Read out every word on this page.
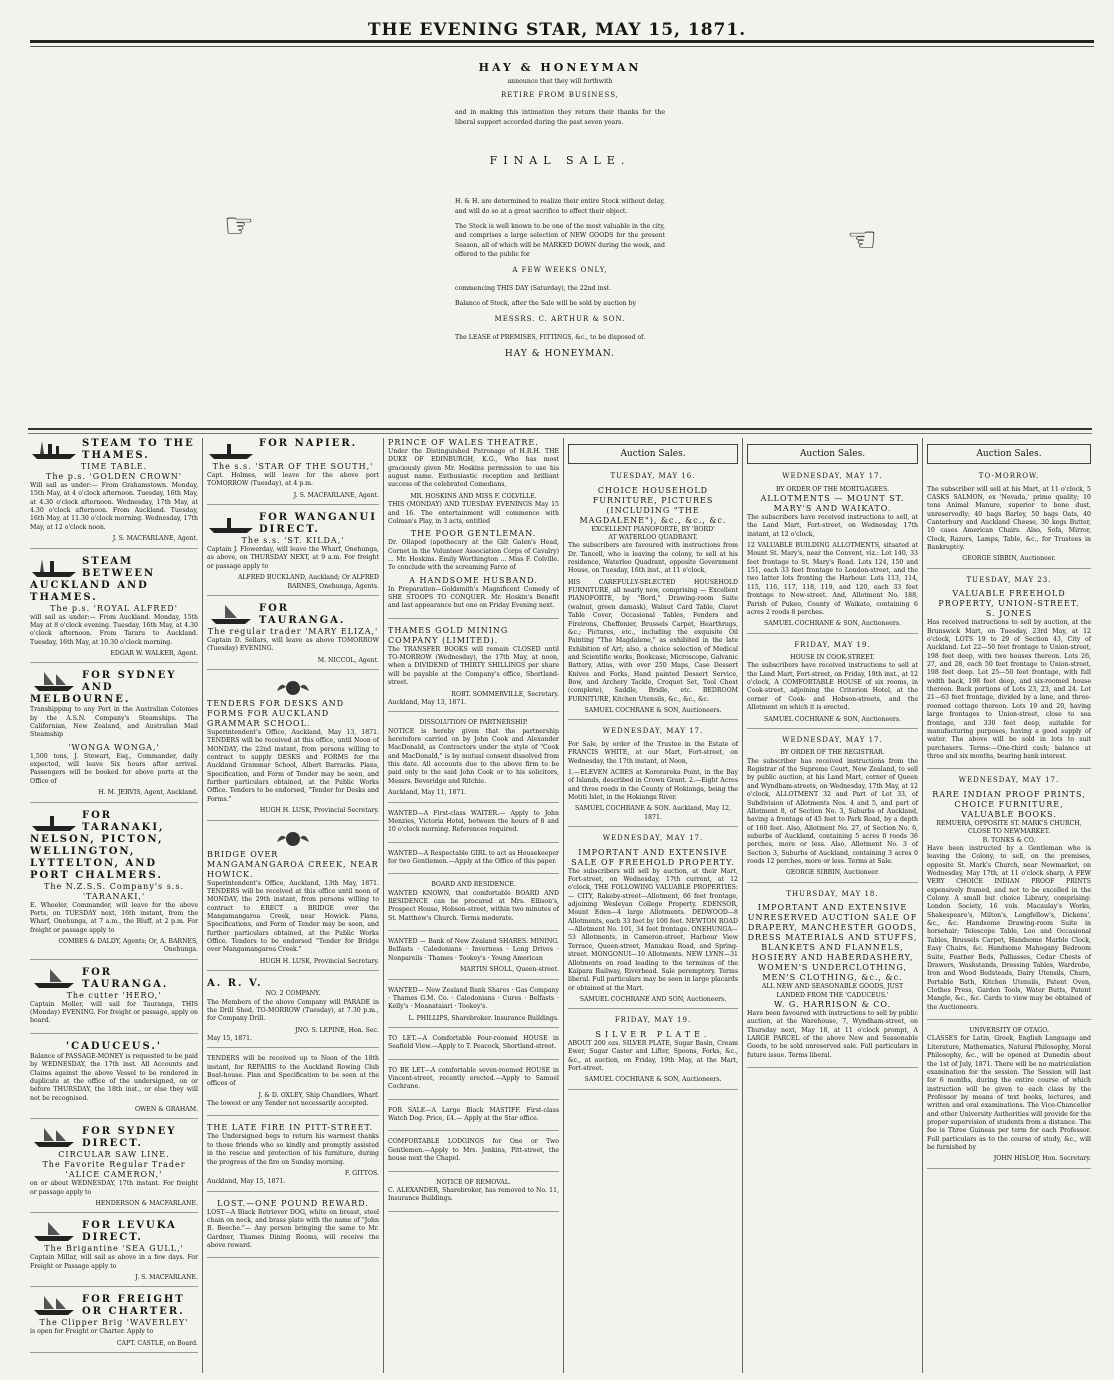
THE EVENING STAR, MAY 15, 1871.
HAY & HONEYMAN
announce that they will forthwith
RETIRE FROM BUSINESS,

and in making this intimation they return their thanks for the liberal support accorded during the past seven years.

FINAL SALE.

H. & H. are determined to realize their entire Stock without delay, and will do so at a great sacrifice to effect their object.

The Stock is well known to be one of the most valuable in the city, and comprises a large selection of NEW GOODS for the present Season, all of which will be MARKED DOWN during the week, and offered to the public for

A FEW WEEKS ONLY,

commencing THIS DAY (Saturday), the 22nd inst.

Balance of Stock, after the Sale will be sold by auction by

MESSRS. C. ARTHUR & SON.

The LEASE of PREMISES, FITTINGS, &c., to be disposed of.

HAY & HONEYMAN.
☞	☜
STEAM TO THE THAMES.
TIME TABLE.
The p.s. 'GOLDEN CROWN'

Will sail as under:— From Grahamstown. Monday, 15th May, at 4 o'clock afternoon. Tuesday, 16th May, at 4.30 o'clock afternoon. Wednesday, 17th May, at 4.30 o'clock afternoon. From Auckland. Tuesday, 16th May, at 11.30 o'clock morning. Wednesday, 17th May, at 12 o'clock noon.

J. S. MACFARLANE, Agent.
STEAM BETWEEN AUCKLAND AND THAMES.
The p.s. 'ROYAL ALFRED'

will sail as under:— From Auckland. Monday, 15th May at 8 o'clock evening. Tuesday, 16th May, at 4.30 o'clock afternoon. From Tararu to Auckland. Tuesday, 16th May, at 10.30 o'clock morning.

EDGAR W. WALKER, Agent.
FOR SYDNEY AND MELBOURNE.

Transhipping to any Port in the Australian Colonies by the A.S.N. Company's Steamships. The Californian, New Zealand, and Australian Mail Steamship

'WONGA WONGA,'

1,500 tons, J. Stewart, Esq., Commander, daily expected, will leave Six hours after arrival. Passengers will be booked for above ports at the Office of

H. M. JERVIS, Agent, Auckland.
FOR TARANAKI, NELSON, PICTON, WELLINGTON, LYTTELTON, AND PORT CHALMERS.
The N.Z.S.S. Company's s.s. 'TARANAKI,'

E. Wheeler, Commander, will leave for the above Ports, on TUESDAY next, 16th instant, from the Wharf, Onehunga, at 7 a.m., the Bluff, at 2 p.m. For freight or passage apply to

COMBES & DALDY, Agents; Or, A. BARNES, Onehunga.
FOR TAURANGA.
The cutter 'HERO,'

Captain Moller, will sail for Tauranga, THIS (Monday) EVENING. For freight or passage, apply on board.

'CADUCEUS.'

Balance of PASSAGE-MONEY is requested to be paid by WEDNESDAY, the 17th inst. All Accounts and Claims against the above Vessel to be rendered in duplicate at the office of the undersigned, on or before THURSDAY, the 18th inst., or else they will not be recognised.

OWEN & GRAHAM.
FOR SYDNEY DIRECT.
CIRCULAR SAW LINE.
The Favorite Regular Trader 'ALICE CAMERON,'

on or about WEDNESDAY, 17th instant. For freight or passage apply to

HENDERSON & MACFARLANE.
FOR LEVUKA DIRECT.
The Brigantine 'SEA GULL,'

Captain Millar, will sail as above in a few days. For Freight or Passage apply to

J. S. MACFARLANE.
FOR FREIGHT OR CHARTER.
The Clipper Brig 'WAVERLEY'

is open for Freight or Charter. Apply to

CAPT. CASTLE, on Board.
FOR NAPIER.
The s.s. 'STAR OF THE SOUTH,'

Capt. Holmes, will leave for the above port TOMORROW (Tuesday), at 4 p.m.

J. S. MACFARLANE, Agent.
FOR WANGANUI DIRECT.
The s.s. 'ST. KILDA,'

Captain J. Flowerday, will leave the Wharf, Onehunga, as above, on THURSDAY NEXT, at 9 a.m. For freight or passage apply to

ALFRED BUCKLAND, Auckland; Or ALFRED BARNES, Onehunga, Agents.
FOR TAURANGA.
The regular trader 'MARY ELIZA,'

Captain D. Sellars, will leave as above TOMORROW (Tuesday) EVENING.

M. NICCOL, Agent.
TENDERS FOR DESKS AND FORMS FOR AUCKLAND GRAMMAR SCHOOL.

Superintendent's Office, Auckland, May 13, 1871. TENDERS will be received at this office, until Noon of MONDAY, the 22nd instant, from persons willing to contract to supply DESKS and FORMS for the Auckland Grammar School, Albert Barracks. Plans, Specification, and Form of Tender may be seen, and further particulars obtained, at the Public Works Office. Tenders to be endorsed, "Tender for Desks and Forms."

HUGH H. LUSK, Provincial Secretary.
BRIDGE OVER MANGAMANGAROA CREEK, NEAR HOWICK.

Superintendent's Office, Auckland, 13th May, 1871. TENDERS will be received at this office until noon of MONDAY, the 29th instant, from persons willing to contract to ERECT a BRIDGE over the Mangamangaroa Creek, near Howick. Plans, Specifications, and Form of Tender may be seen, and further particulars obtained, at the Public Works Office. Tenders to be endorsed "Tender for Bridge over Mangamangaroa Creek."

HUGH H. LUSK, Provincial Secretary.
A. R. V.
NO. 2 COMPANY.

The Members of the above Company will PARADE in the Drill Shed, TO-MORROW (Tuesday), at 7.30 p.m., for Company Drill.

JNO. S. LEPINE, Hon. Sec.
May 15, 1871.

TENDERS will be received up to Noon of the 18th instant, for REPAIRS to the Auckland Rowing Club Boat-house. Plan and Specification to be seen at the offices of

J. & D. OXLEY, Ship Chandlers, Wharf.

The lowest or any Tender not necessarily accepted.

THE LATE FIRE IN PITT-STREET.

The Undersigned begs to return his warmest thanks to those friends who so kindly and promptly assisted in the rescue and protection of his furniture, during the progress of the fire on Sunday morning.

F. GITTOS.
Auckland, May 15, 1871.
LOST.—ONE POUND REWARD.

LOST—A Black Retriever DOG, white on breast, steel chain on neck, and brass plate with the name of "John B. Beeche."— Any person bringing the same to Mr. Gardner, Thames Dining Rooms, will receive the above reward.

PRINCE OF WALES THEATRE.

Under the Distinguished Patronage of H.R.H. THE DUKE OF EDINBURGH, K.G., Who has most graciously given Mr. Hoskins permission to use his august name. Enthusiastic reception and brilliant success of the celebrated Comedians,

MR. HOSKINS AND MISS F. COLVILLE.

THIS (MONDAY) AND TUESDAY EVENINGS May 15 and 16. The entertainment will commence with Colman's Play, in 3 acts, entitled

THE POOR GENTLEMAN.

Dr. Ollapod (apothecary at the Gilt Galen's Head, Cornet in the Volunteer Association Corps of Cavalry) ... Mr. Hoskins. Emily Worthington ... Miss F. Colville. To conclude with the screaming Farce of

A HANDSOME HUSBAND.

In Preparation—Goldsmith's Magnificent Comedy of SHE STOOPS TO CONQUER. Mr. Hoskin's Benefit and last appearance but one on Friday Evening next.

THAMES GOLD MINING COMPANY (LIMITED).

The TRANSFER BOOKS will remain CLOSED until TO-MORROW (Wednesday), the 17th May, at noon, when a DIVIDEND of THIRTY SHILLINGS per share will be payable at the Company's office, Shortland-street.

ROBT. SOMMERVILLE, Secretary.
Auckland, May 13, 1871.
DISSOLUTION OF PARTNERSHIP.

NOTICE is hereby given that the partnership heretofore carried on by John Cook and Alexander MacDonald, as Contractors under the style of "Cook and MacDonald," is by mutual consent dissolved from this date. All accounts due to the above firm to be paid only to the said John Cook or to his solicitors, Messrs. Beveridge and Ritchie.

Auckland, May 11, 1871.

WANTED—A First-class WAITER.— Apply to John Menzies, Victoria Hotel, between the hours of 8 and 10 o'clock morning. References required.

WANTED—A Respectable GIRL to act as Housekeeper for two Gentlemen.—Apply at the Office of this paper.

BOARD AND RESIDENCE.

WANTED KNOWN, that comfortable BOARD AND RESIDENCE can be procured at Mrs. Ellison's, Prospect House, Hobson-street, within two minutes of St. Matthew's Church. Terms moderate.

WANTED — Bank of New Zealand SHARES. MINING. Belfasts · Caledonians · Inverness · Long Drives · Nonpareils · Thames · Tookey's · Young American

MARTIN SHOLL, Queen-street.

WANTED— New Zealand Bank Shares · Gas Company · Thames G.M. Co. · Caledonians · Cures · Belfasts · Kelly's · Moanataiari · Tookey's.

L. PHILLIPS, Sharebroker. Insurance Buildings.

TO LET.—A Comfortable Four-roomed HOUSE in Seafield View.—Apply to T. Peacock, Shortland-street.

TO BE LET—A comfortable seven-roomed HOUSE in Vincent-street, recently erected.—Apply to Samuel Cochrane.

FOR SALE—A Large Black MASTIFF. First-class Watch Dog. Price, £4.— Apply at the Star office.

COMFORTABLE LODGINGS for One or Two Gentlemen.—Apply to Mrs. Jenkins, Pitt-street, the house next the Chapel.

NOTICE OF REMOVAL.

C. ALEXANDER, Sharebroker, has removed to No. 11, Insurance Buildings.

Auction Sales.
TUESDAY, MAY 16.
CHOICE HOUSEHOLD FURNITURE, PICTURES (INCLUDING "THE MAGDALENE"), &c., &c., &c.
EXCELLENT PIANOFORTE, BY 'BORD'
AT WATERLOO QUADRANT.

The subscribers are favoured with instructions from Dr. Tancell, who is leaving the colony, to sell at his residence, Waterloo Quadrant, opposite Government House, on Tuesday, 16th inst., at 11 o'clock,

HIS CAREFULLY-SELECTED HOUSEHOLD FURNITURE, all nearly new, comprising — Excellent PIANOFORTE, by "Bord," Drawing-room Suite (walnut, green damask), Walnut Card Table, Claret Table Cover, Occasional Tables, Fenders and Fireirons, Cheffonier, Brussels Carpet, Hearthrugs, &c.; Pictures, etc., including the exquisite Oil Painting "The Magdalene," as exhibited in the late Exhibition of Art; also, a choice selection of Medical and Scientific works, Bookcase, Microscope, Galvanic Battery, Atlas, with over 250 Maps, Case Dessert Knives and Forks, Hand painted Dessert Service, Bow, and Archery Tackle, Croquet Set, Tool Chest (complete), Saddle, Bridle, etc. BEDROOM FURNITURE, Kitchen Utensils, &c., &c., &c.

SAMUEL COCHRANE & SON, Auctioneers.
WEDNESDAY, MAY 17.

For Sale, by order of the Trustee in the Estate of FRANCIS WHITE, at our Mart, Fort-street, on Wednesday, the 17th instant, at Noon,

1.—ELEVEN ACRES at Kororareka Point, in the Bay of Islands, described in Crown Grant. 2.—Eight Acres and three roods in the County of Hokianga, being the Motiti Islet, in the Hokianga River.

SAMUEL COCHRANE & SON. Auckland, May 12, 1871.
WEDNESDAY, MAY 17.
IMPORTANT AND EXTENSIVE SALE OF FREEHOLD PROPERTY.

The subscribers will sell by auction, at their Mart, Fort-street, on Wednesday, 17th current, at 12 o'clock, THE FOLLOWING VALUABLE PROPERTIES:— CITY, Rakeby-street—Allotment, 66 feet frontage, adjoining Wesleyan College Property. EDENSOR, Mount Eden—4 large Allotments. DEDWOOD—8 Allotments, each 33 feet by 100 feet. NEWTON ROAD—Allotment No. 101, 34 feet frontage. ONEHUNGA—53 Allotments, in Cameron-street, Harbour View Terrace, Queen-street, Manukau Road, and Spring-street. MONGONUI—10 Allotments. NEW LYNN—31 Allotments on road leading to the terminus of the Kaipara Railway, Riverhead. Sale peremptory. Terms liberal. Full particulars may be seen in large placards or obtained at the Mart.

SAMUEL COCHRANE AND SON, Auctioneers.
FRIDAY, MAY 19.
SILVER PLATE.

ABOUT 200 ozs. SILVER PLATE, Sugar Basin, Cream Ewer, Sugar Caster and Lifter, Spoons, Forks, &c., &c., at auction, on Friday, 19th May, at the Mart, Fort-street.

SAMUEL COCHRANE & SON, Auctioneers.
Auction Sales.
WEDNESDAY, MAY 17.
BY ORDER OF THE MORTGAGEES.
ALLOTMENTS — MOUNT ST. MARY'S AND WAIKATO.

The subscribers have received instructions to sell, at the Land Mart, Fort-street, on Wednesday, 17th instant, at 12 o'clock,

12 VALUABLE BUILDING ALLOTMENTS, situated at Mount St. Mary's, near the Convent, viz.: Lot 140, 33 feet frontage to St. Mary's Road. Lots 124, 150 and 151, each 33 feet frontage to London-street, and the two latter lots fronting the Harbour. Lots 113, 114, 115, 116, 117, 118, 119, and 120, each 33 feet frontage to New-street. And, Allotment No. 188, Parish of Pukeo, County of Waikato, containing 6 acres 2 roods 8 perches.

SAMUEL COCHRANE & SON, Auctioneers.
FRIDAY, MAY 19.
HOUSE IN COOK-STREET.

The subscribers have received instructions to sell at the Land Mart, Fort-street, on Friday, 19th inst., at 12 o'clock, A COMFORTABLE HOUSE of six rooms, in Cook-street, adjoining the Criterion Hotel, at the corner of Cook- and Hobson-streets, and the Allotment on which it is erected.

SAMUEL COCHRANE & SON, Auctioneers.
WEDNESDAY, MAY 17.
BY ORDER OF THE REGISTRAR.

The subscriber has received instructions from the Registrar of the Supreme Court, New Zealand, to sell by public auction, at his Land Mart, corner of Queen and Wyndham-streets, on Wednesday, 17th May, at 12 o'clock, ALLOTMENT 32 and Part of Lot 33, of Subdivision of Allotments Nos. 4 and 5, and part of Allotment 8, of Section No. 3, Suburbs of Auckland, having a frontage of 45 feet to Park Road, by a depth of 160 feet. Also, Allotment No. 27, of Section No. 6, suburbs of Auckland, containing 5 acres 0 roods 36 perches, more or less. Also, Allotment No. 3 of Section 3, Suburbs of Auckland, containing 3 acres 0 roods 12 perches, more or less. Terms at Sale.

GEORGE SIBBIN, Auctioneer.
THURSDAY, MAY 18.
IMPORTANT AND EXTENSIVE UNRESERVED AUCTION SALE OF DRAPERY, MANCHESTER GOODS, DRESS MATERIALS AND STUFFS, BLANKETS AND FLANNELS, HOSIERY AND HABERDASHERY, WOMEN'S UNDERCLOTHING, MEN'S CLOTHING, &c., &c.
ALL NEW AND SEASONABLE GOODS, JUST LANDED FROM THE 'CADUCEUS.'
W. G. HARRISON & CO.

Have been favoured with instructions to sell by public auction, at the Warehouse, 7, Wyndham-street, on Thursday next, May 18, at 11 o'clock prompt, A LARGE PARCEL of the above New and Seasonable Goods, to be sold unreserved sale. Full particulars in future issue. Terms liberal.

Auction Sales.
TO-MORROW.

The subscriber will sell at his Mart, at 11 o'clock, 5 CASKS SALMON, ex 'Nevada,' prime quality; 10 tons Animal Manure, superior to bone dust, unreservedly; 40 bags Barley, 50 bags Oats, 40 Canterbury and Auckland Cheese, 30 kegs Butter, 10 cases American Chairs. Also, Sofa, Mirror, Clock, Razors, Lamps, Table, &c., for Trustees in Bankruptcy.

GEORGE SIBBIN, Auctioneer.
TUESDAY, MAY 23.
VALUABLE FREEHOLD PROPERTY, UNION-STREET.
S. JONES

Has received instructions to sell by auction, at the Brunswick Mart, on Tuesday, 23rd May, at 12 o'clock, LOTS 19 to 29 of Section 43, City of Auckland. Lot 22—50 feet frontage to Union-street, 198 feet deep, with two houses thereon. Lots 26, 27, and 28, each 50 feet frontage to Union-street, 198 feet deep. Lot 25—50 feet frontage, with full width back, 198 feet deep, and six-roomed house thereon. Back portions of Lots 23, 23, and 24. Lot 21—63 feet frontage, divided by a lane, and three-roomed cottage thereon. Lots 19 and 20, having large frontages to Union-street, close to sea frontage, and 330 feet deep, suitable for manufacturing purposes, having a good supply of water. The above will be sold in lots to suit purchasers. Terms:—One-third cash; balance at three and six months, bearing bank interest.

WEDNESDAY, MAY 17.
RARE INDIAN PROOF PRINTS, CHOICE FURNITURE, VALUABLE BOOKS.
REMUERA, OPPOSITE ST. MARK'S CHURCH, CLOSE TO NEWMARKET.
B. TONKS & CO.

Have been instructed by a Gentleman who is leaving the Colony, to sell, on the premises, opposite St. Mark's Church, near Newmarket, on Wednesday, May 17th, at 11 o'clock sharp, A FEW VERY CHOICE INDIAN PROOF PRINTS expensively framed, and not to be excelled in the Colony. A small but choice Library, comprising: London Society, 16 vols. Macaulay's Works, Shakespeare's, Milton's, Longfellow's, Dickens', &c., &c. Handsome Drawing-room Suite in horsehair; Telescope Table, Loo and Occasional Tables, Brussels Carpet, Handsome Marble Clock, Easy Chairs, &c. Handsome Mahogany Bedroom Suite, Feather Beds, Palliasses, Cedar Chests of Drawers, Washstands, Dressing Tables, Wardrobe, Iron and Wood Bedsteads, Dairy Utensils, Churn, Portable Bath, Kitchen Utensils, Patent Oven, Clothes Press, Garden Tools, Water Butts, Patent Mangle, &c., &c. Cards to view may be obtained of the Auctioneers.

UNIVERSITY OF OTAGO.

CLASSES for Latin, Greek, English Language and Literature, Mathematics, Natural Philosophy, Moral Philosophy, &c., will be opened at Dunedin about the 1st of July, 1871. There will be no matriculation examination for the session. The Session will last for 6 months, during the entire course of which instruction will be given to each class by the Professor by means of text books, lectures, and written and oral examinations. The Vice-Chancellor and other University Authorities will provide for the proper supervision of students from a distance. The fee is Three Guineas per term for each Professor. Full particulars as to the course of study, &c., will be furnished by

JOHN HISLOP, Hon. Secretary.
